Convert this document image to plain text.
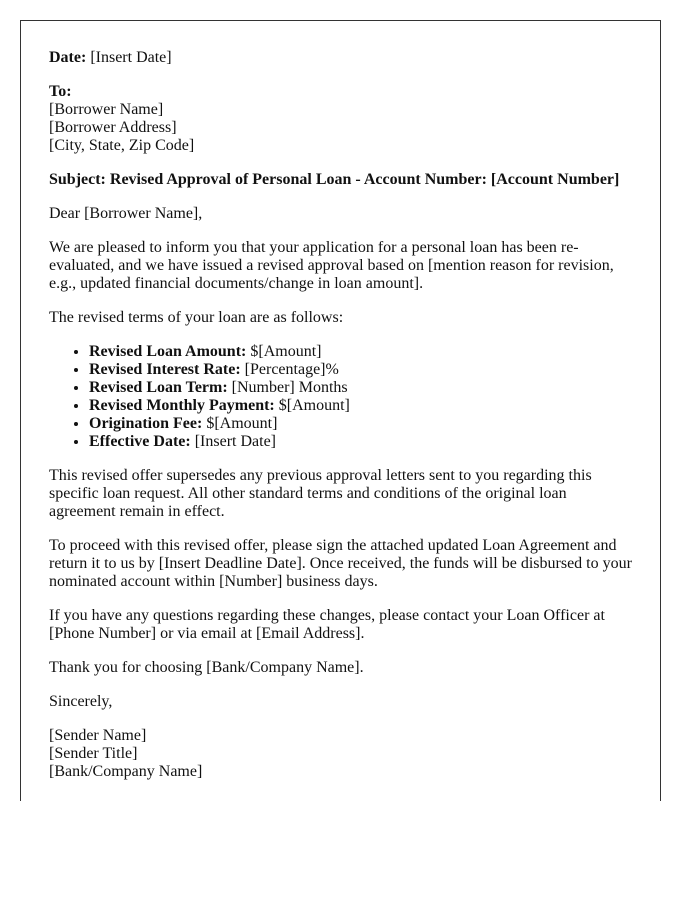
Date: [Insert Date]

To:
[Borrower Name]
[Borrower Address]
[City, State, Zip Code]

Subject: Revised Approval of Personal Loan - Account Number: [Account Number]

Dear [Borrower Name],

We are pleased to inform you that your application for a personal loan has been re-evaluated, and we have issued a revised approval based on [mention reason for revision, e.g., updated financial documents/change in loan amount].

The revised terms of your loan are as follows:

• Revised Loan Amount: $[Amount]
• Revised Interest Rate: [Percentage]%
• Revised Loan Term: [Number] Months
• Revised Monthly Payment: $[Amount]
• Origination Fee: $[Amount]
• Effective Date: [Insert Date]

This revised offer supersedes any previous approval letters sent to you regarding this specific loan request. All other standard terms and conditions of the original loan agreement remain in effect.

To proceed with this revised offer, please sign the attached updated Loan Agreement and return it to us by [Insert Deadline Date]. Once received, the funds will be disbursed to your nominated account within [Number] business days.

If you have any questions regarding these changes, please contact your Loan Officer at [Phone Number] or via email at [Email Address].

Thank you for choosing [Bank/Company Name].

Sincerely,

[Sender Name]
[Sender Title]
[Bank/Company Name]
